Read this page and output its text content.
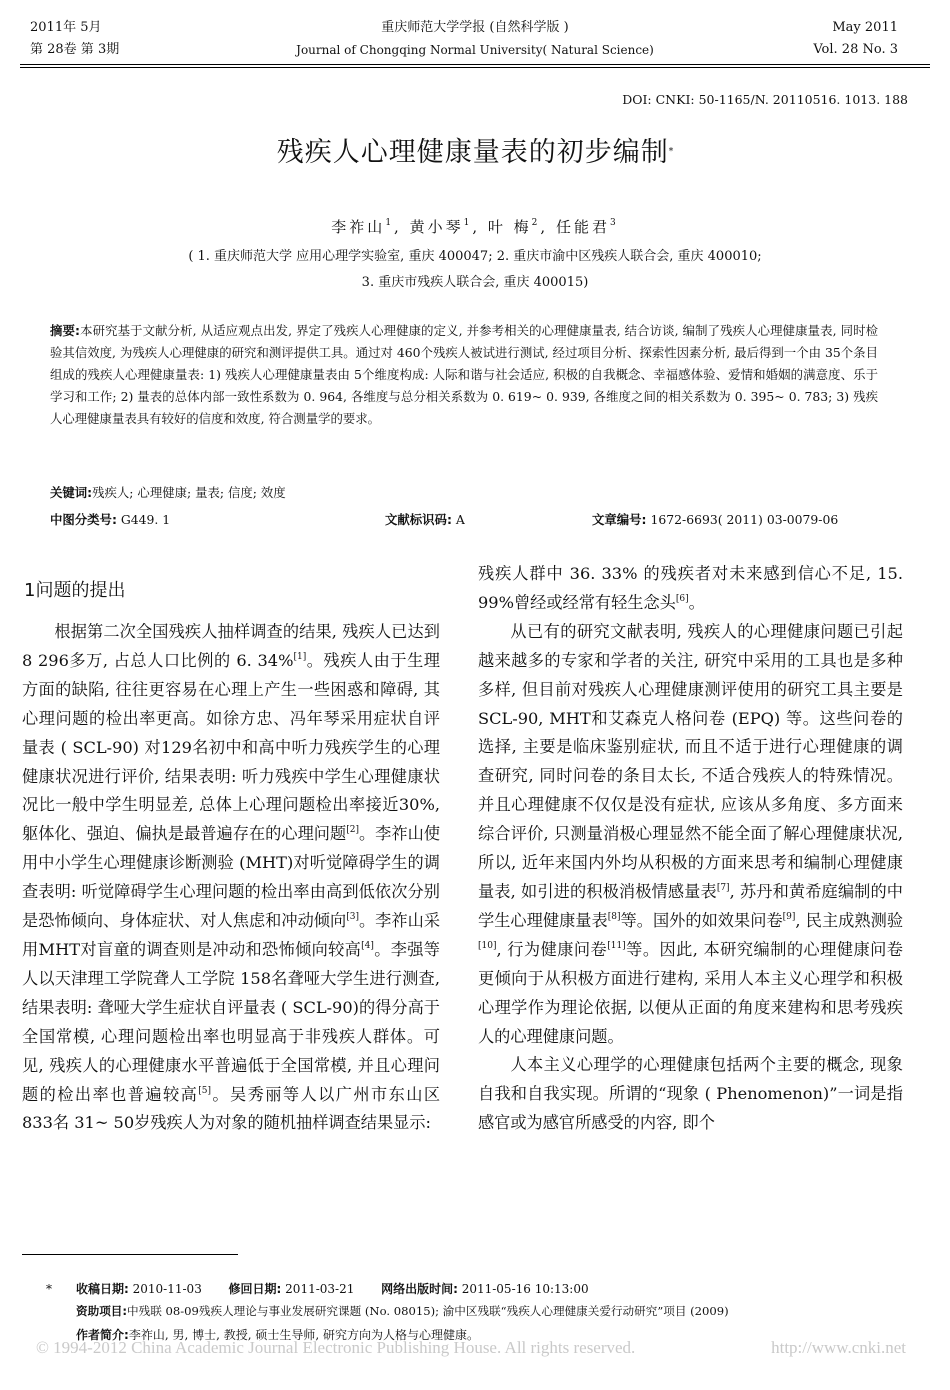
2011年 5月
第 28卷 第 3期
重庆师范大学学报 (自然科学版 )
Journal of Chongqing Normal University( Natural Science)
May 2011
Vol. 28 No. 3
DOI: CNKI: 50-1165/N. 20110516. 1013. 188
残疾人心理健康量表的初步编制*
李祚山$^1$, 黄小琴$^1$, 叶 梅$^2$, 任能君$^3$
( 1. 重庆师范大学 应用心理学实验室, 重庆 400047; 2. 重庆市渝中区残疾人联合会, 重庆 400010;
3. 重庆市残疾人联合会, 重庆 400015)
摘要:本研究基于文献分析, 从适应观点出发, 界定了残疾人心理健康的定义, 并参考相关的心理健康量表, 结合访谈, 编制了残疾人心理健康量表, 同时检验其信效度, 为残疾人心理健康的研究和测评提供工具。通过对 460个残疾人被试进行测试, 经过项目分析、探索性因素分析, 最后得到一个由 35个条目组成的残疾人心理健康量表: 1) 残疾人心理健康量表由 5个维度构成: 人际和谐与社会适应, 积极的自我概念、幸福感体验、爱情和婚姻的满意度、乐于学习和工作; 2) 量表的总体内部一致性系数为 0. 964, 各维度与总分相关系数为 0. 619~ 0. 939, 各维度之间的相关系数为 0. 395~ 0. 783; 3) 残疾人心理健康量表具有较好的信度和效度, 符合测量学的要求。
关键词:残疾人; 心理健康; 量表; 信度; 效度
中图分类号: G449. 1	文献标识码: A	文章编号: 1672-6693( 2011) 03-0079-06
1问题的提出

根据第二次全国残疾人抽样调查的结果, 残疾人已达到 8 296多万, 占总人口比例的 6. 34%[1]。残疾人由于生理方面的缺陷, 往往更容易在心理上产生一些困惑和障碍, 其心理问题的检出率更高。如徐方忠、冯年琴采用症状自评量表 ( SCL-90) 对129名初中和高中听力残疾学生的心理健康状况进行评价, 结果表明: 听力残疾中学生心理健康状况比一般中学生明显差, 总体上心理问题检出率接近30%, 躯体化、强迫、偏执是最普遍存在的心理问题[2]。李祚山使用中小学生心理健康诊断测验 (MHT)对听觉障碍学生的调查表明: 听觉障碍学生心理问题的检出率由高到低依次分别是恐怖倾向、身体症状、对人焦虑和冲动倾向[3]。李祚山采用MHT对盲童的调查则是冲动和恐怖倾向较高[4]。李强等人以天津理工学院聋人工学院 158名聋哑大学生进行测查, 结果表明: 聋哑大学生症状自评量表 ( SCL-90)的得分高于全国常模, 心理问题检出率也明显高于非残疾人群体。可见, 残疾人的心理健康水平普遍低于全国常模, 并且心理问题的检出率也普遍较高[5]。吴秀丽等人以广州市东山区 833名 31~ 50岁残疾人为对象的随机抽样调查结果显示:

残疾人群中 36. 33% 的残疾者对未来感到信心不足, 15. 99%曾经或经常有轻生念头[6]。

从已有的研究文献表明, 残疾人的心理健康问题已引起越来越多的专家和学者的关注, 研究中采用的工具也是多种多样, 但目前对残疾人心理健康测评使用的研究工具主要是 SCL-90, MHT和艾森克人格问卷 (EPQ) 等。这些问卷的选择, 主要是临床鉴别症状, 而且不适于进行心理健康的调查研究, 同时问卷的条目太长, 不适合残疾人的特殊情况。并且心理健康不仅仅是没有症状, 应该从多角度、多方面来综合评价, 只测量消极心理显然不能全面了解心理健康状况, 所以, 近年来国内外均从积极的方面来思考和编制心理健康量表, 如引进的积极消极情感量表[7], 苏丹和黄希庭编制的中学生心理健康量表[8]等。国外的如效果问卷[9], 民主成熟测验[10], 行为健康问卷[11]等。因此, 本研究编制的心理健康问卷更倾向于从积极方面进行建构, 采用人本主义心理学和积极心理学作为理论依据, 以便从正面的角度来建构和思考残疾人的心理健康问题。

人本主义心理学的心理健康包括两个主要的概念, 现象自我和自我实现。所谓的“现象 ( Phenomenon)”一词是指感官或为感官所感受的内容, 即个

* 收稿日期: 2010-11-03 修回日期: 2011-03-21 网络出版时间: 2011-05-16 10:13:00
资助项目:中残联 08-09残疾人理论与事业发展研究课题 (No. 08015); 渝中区残联“残疾人心理健康关爱行动研究”项目 (2009)
作者简介:李祚山, 男, 博士, 教授, 硕士生导师, 研究方向为人格与心理健康。
© 1994-2012 China Academic Journal Electronic Publishing House. All rights reserved.	http://www.cnki.net
